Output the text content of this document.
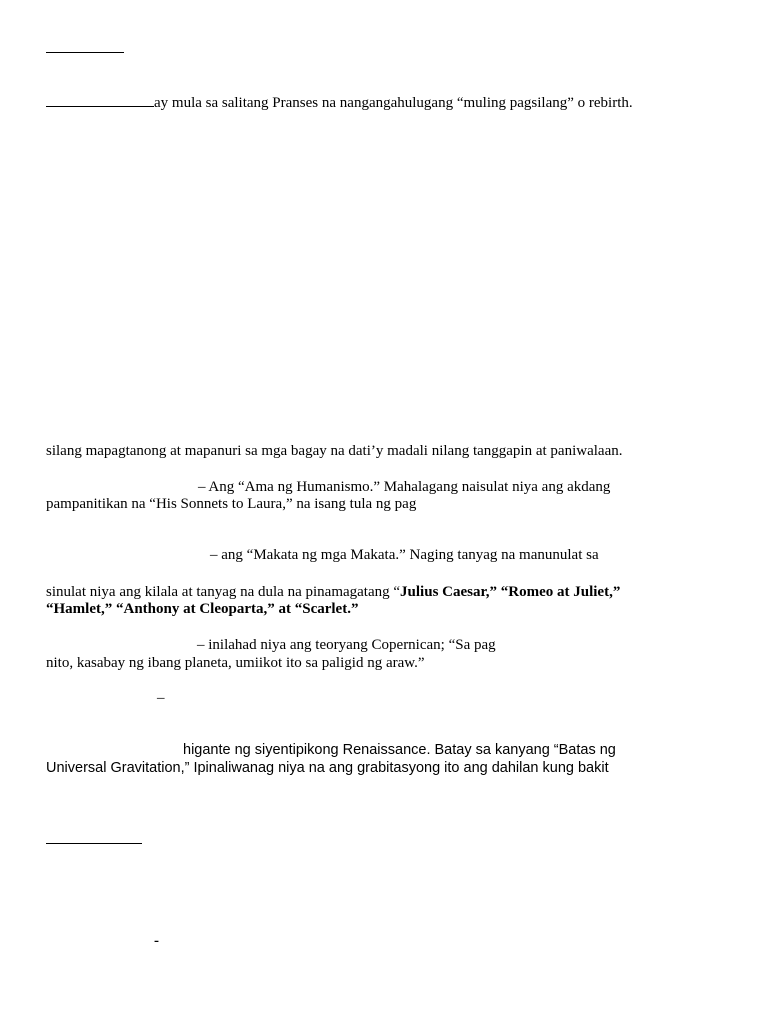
ay mula sa salitang Pranses na nangangahulugang “muling pagsilang” o rebirth.
silang mapagtanong at mapanuri sa mga bagay na dati’y madali nilang tanggapin at paniwalaan.
– Ang “Ama ng Humanismo.” Mahalagang naisulat niya ang akdang
pampanitikan na “His Sonnets to Laura,” na isang tula ng pag
– ang “Makata ng mga Makata.” Naging tanyag na manunulat sa
sinulat niya ang kilala at tanyag na dula na pinamagatang “Julius Caesar,” “Romeo at Juliet,”
“Hamlet,” “Anthony at Cleoparta,” at “Scarlet.”
– inilahad niya ang teoryang Copernican; “Sa pag
nito, kasabay ng ibang planeta, umiikot ito sa paligid ng araw.”
–
higante ng siyentipikong Renaissance. Batay sa kanyang “Batas ng
Universal Gravitation,” Ipinaliwanag niya na ang grabitasyong ito ang dahilan kung bakit
-
